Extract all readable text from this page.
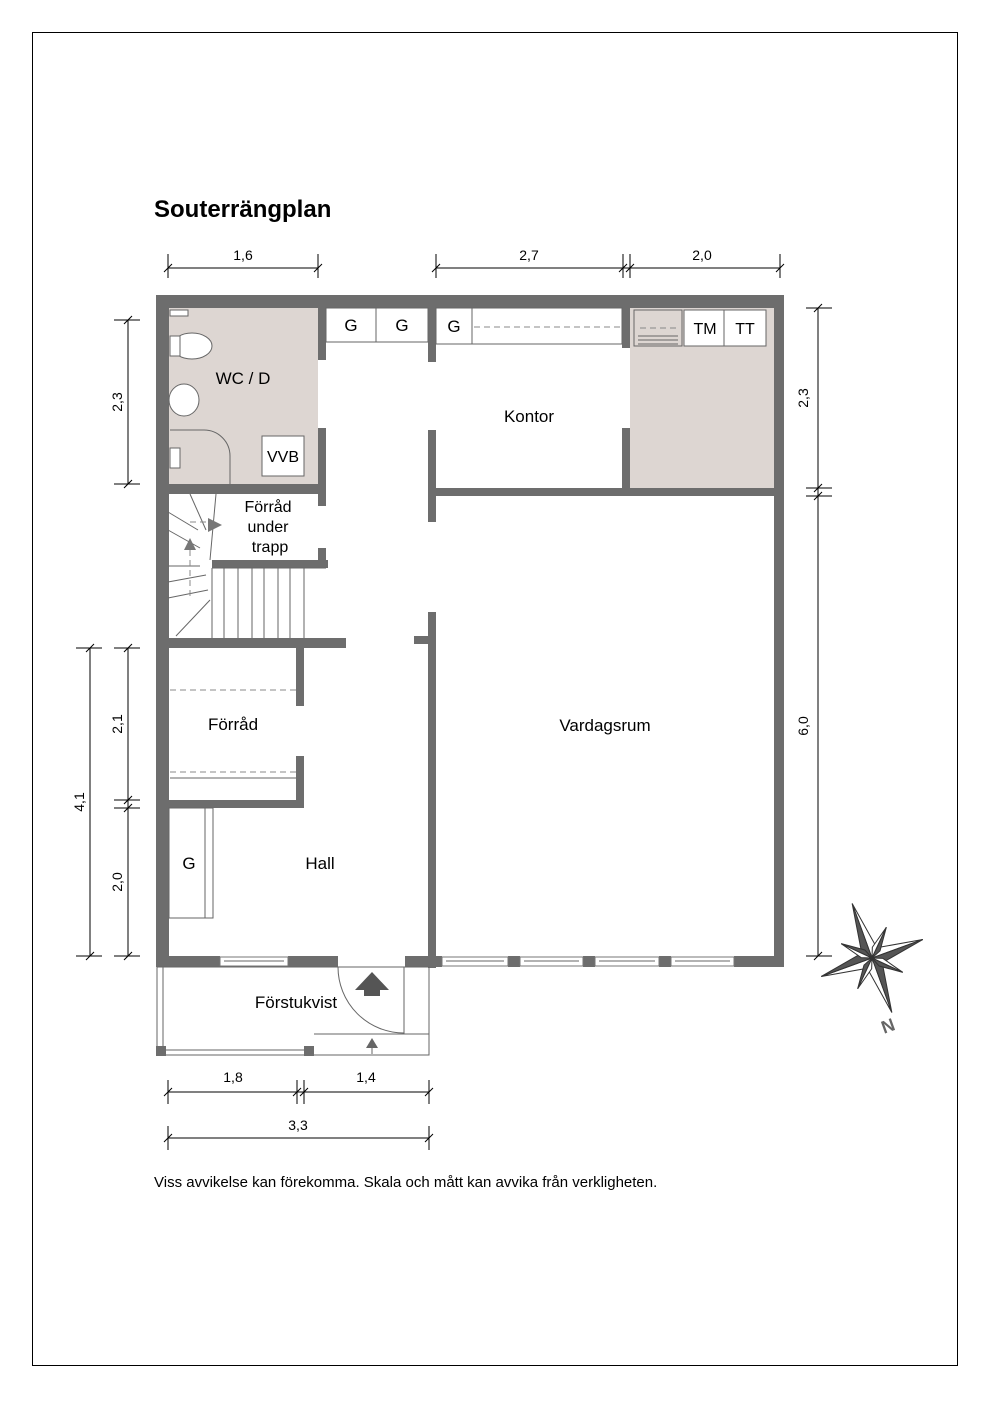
Souterrängplan
WC / D
VVB
Förråd
under
trapp
Kontor
Vardagsrum
Förråd
Hall
Förstukvist
TM TT
G G G
G
1,6	2,7	2,0
2,3
2,1
2,0
4,1
2,3
6,0
1,8	1,4
3,3
N
Viss avvikelse kan förekomma. Skala och mått kan avvika från verkligheten.
